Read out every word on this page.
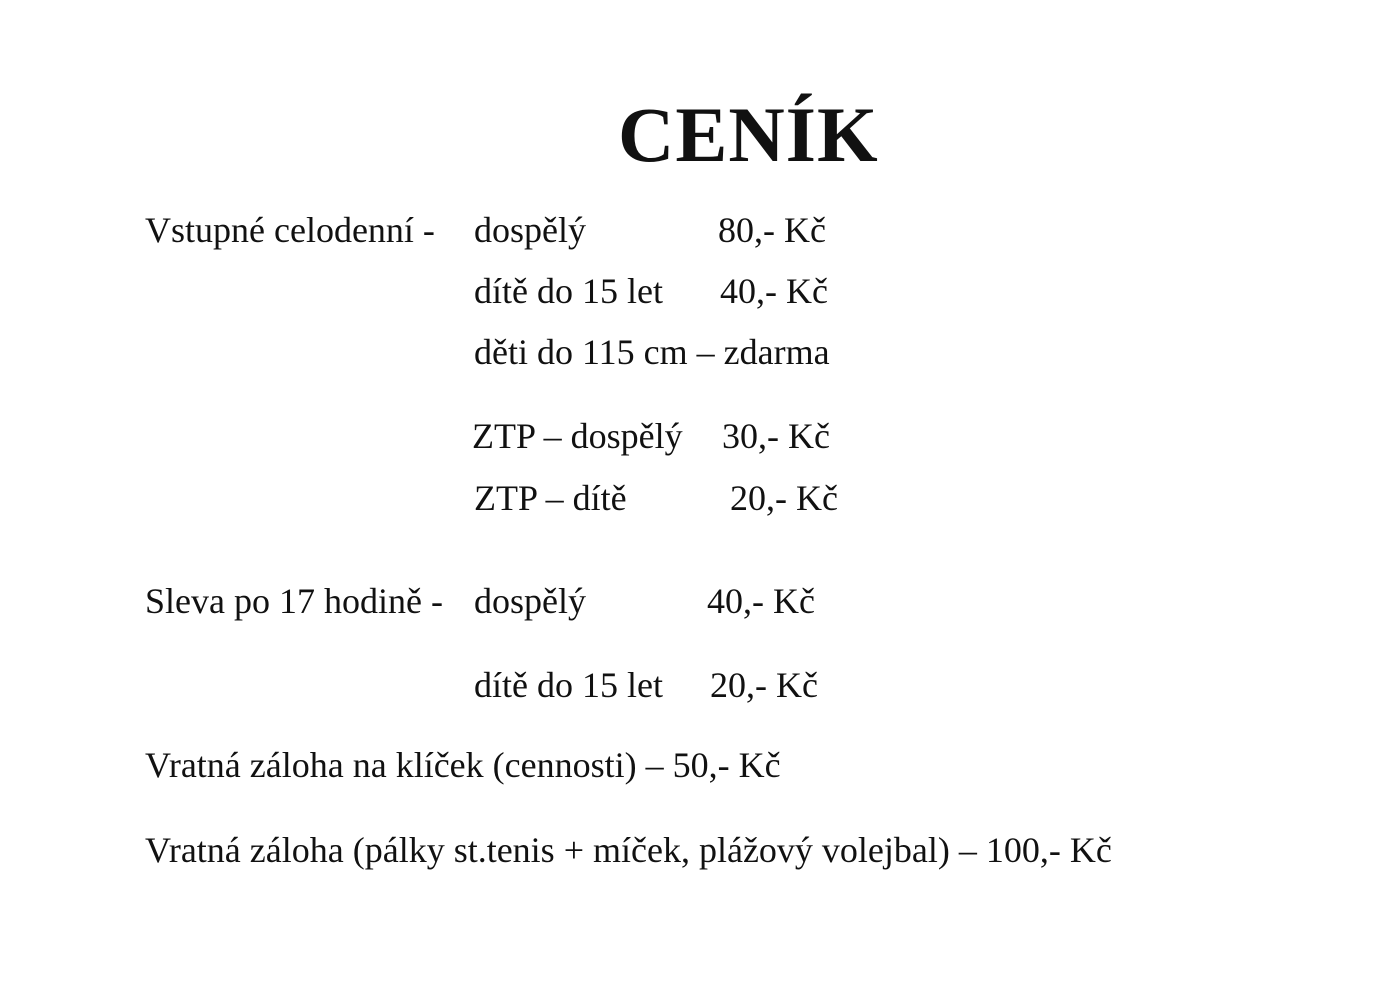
CENÍK
Vstupné celodenní - dospělý	80,- Kč
dítě do 15 let 40,- Kč
děti do 115 cm – zdarma
ZTP – dospělý 30,- Kč
ZTP – dítě	20,- Kč
Sleva po 17 hodině - dospělý	40,- Kč
dítě do 15 let 20,- Kč
Vratná záloha na klíček (cennosti) – 50,- Kč
Vratná záloha (pálky st.tenis + míček, plážový volejbal) – 100,- Kč
